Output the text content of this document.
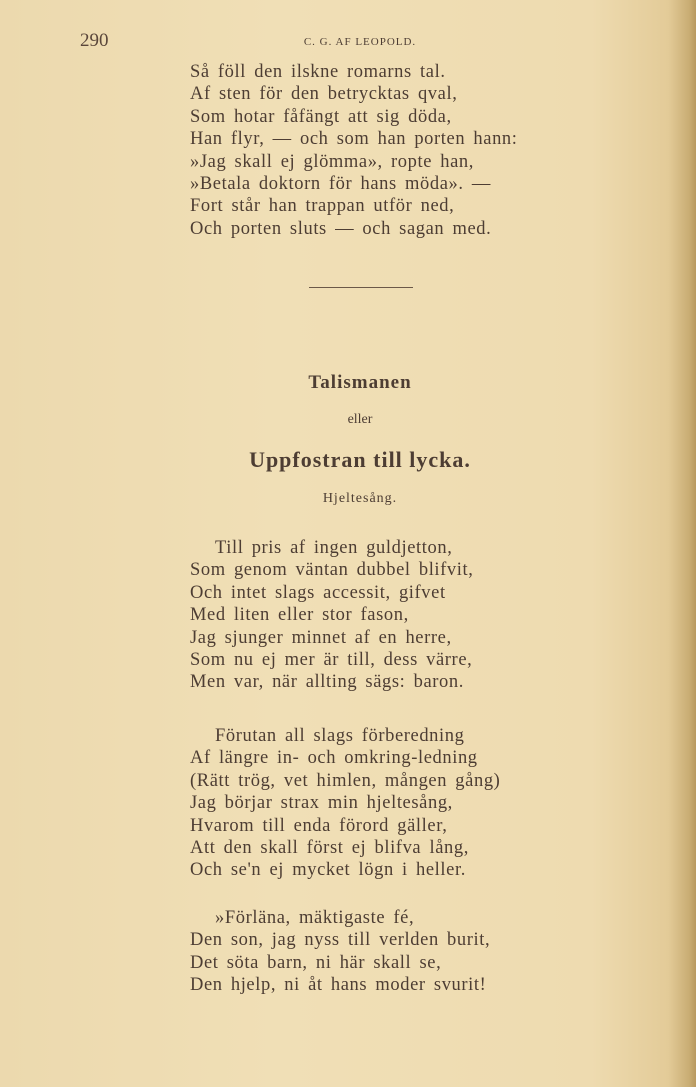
290	C. G. AF LEOPOLD.
Så föll den ilskne romarns tal.
Af sten för den betrycktas qval,
Som hotar fåfängt att sig döda,
Han flyr, — och som han porten hann:
»Jag skall ej glömma», ropte han,
»Betala doktorn för hans möda». —
Fort står han trappan utför ned,
Och porten sluts — och sagan med.
Talismanen
eller
Uppfostran till lycka.
Hjeltesång.
Till pris af ingen guldjetton,
Som genom väntan dubbel blifvit,
Och intet slags accessit, gifvet
Med liten eller stor fason,
Jag sjunger minnet af en herre,
Som nu ej mer är till, dess värre,
Men var, när allting sägs: baron.
Förutan all slags förberedning
Af längre in- och omkring-ledning
(Rätt trög, vet himlen, mången gång)
Jag börjar strax min hjeltesång,
Hvarom till enda förord gäller,
Att den skall först ej blifva lång,
Och se'n ej mycket lögn i heller.
»Förläna, mäktigaste fé,
Den son, jag nyss till verlden burit,
Det söta barn, ni här skall se,
Den hjelp, ni åt hans moder svurit!
